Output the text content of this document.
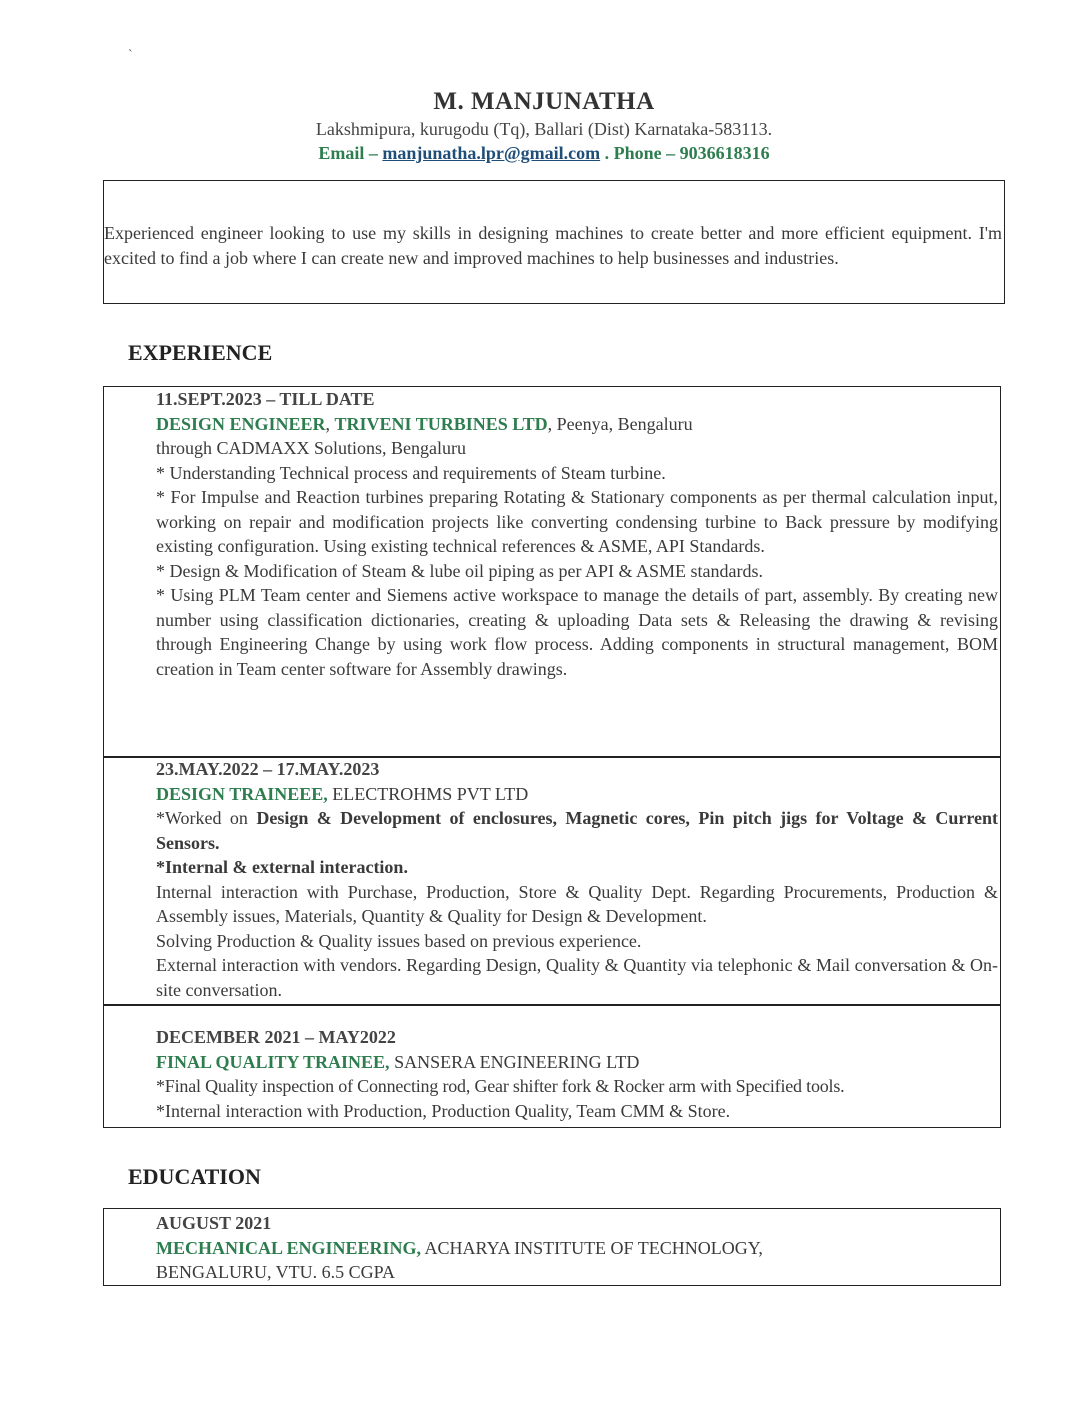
`
M. MANJUNATHA
Lakshmipura, kurugodu (Tq), Ballari (Dist) Karnataka-583113.
Email – manjunatha.lpr@gmail.com . Phone – 9036618316

Experienced engineer looking to use my skills in designing machines to create better and more efficient equipment. I'm excited to find a job where I can create new and improved machines to help businesses and industries.

EXPERIENCE
11.SEPT.2023 – TILL DATE
DESIGN ENGINEER, TRIVENI TURBINES LTD, Peenya, Bengaluru
through CADMAXX Solutions, Bengaluru
* Understanding Technical process and requirements of Steam turbine.
* For Impulse and Reaction turbines preparing Rotating & Stationary components as per thermal calculation input, working on repair and modification projects like converting condensing turbine to Back pressure by modifying existing configuration. Using existing technical references & ASME, API Standards.
* Design & Modification of Steam & lube oil piping as per API & ASME standards.
* Using PLM Team center and Siemens active workspace to manage the details of part, assembly. By creating new number using classification dictionaries, creating & uploading Data sets & Releasing the drawing & revising through Engineering Change by using work flow process. Adding components in structural management, BOM creation in Team center software for Assembly drawings.
23.MAY.2022 – 17.MAY.2023
DESIGN TRAINEEE, ELECTROHMS PVT LTD
*Worked on Design & Development of enclosures, Magnetic cores, Pin pitch jigs for Voltage & Current Sensors.
*Internal & external interaction.
Internal interaction with Purchase, Production, Store & Quality Dept. Regarding Procurements, Production & Assembly issues, Materials, Quantity & Quality for Design & Development.
Solving Production & Quality issues based on previous experience.
External interaction with vendors. Regarding Design, Quality & Quantity via telephonic & Mail conversation & On-site conversation.
DECEMBER 2021 – MAY2022
FINAL QUALITY TRAINEE, SANSERA ENGINEERING LTD
*Final Quality inspection of Connecting rod, Gear shifter fork & Rocker arm with Specified tools.
*Internal interaction with Production, Production Quality, Team CMM & Store.
EDUCATION
AUGUST 2021
MECHANICAL ENGINEERING, ACHARYA INSTITUTE OF TECHNOLOGY,
BENGALURU, VTU. 6.5 CGPA
